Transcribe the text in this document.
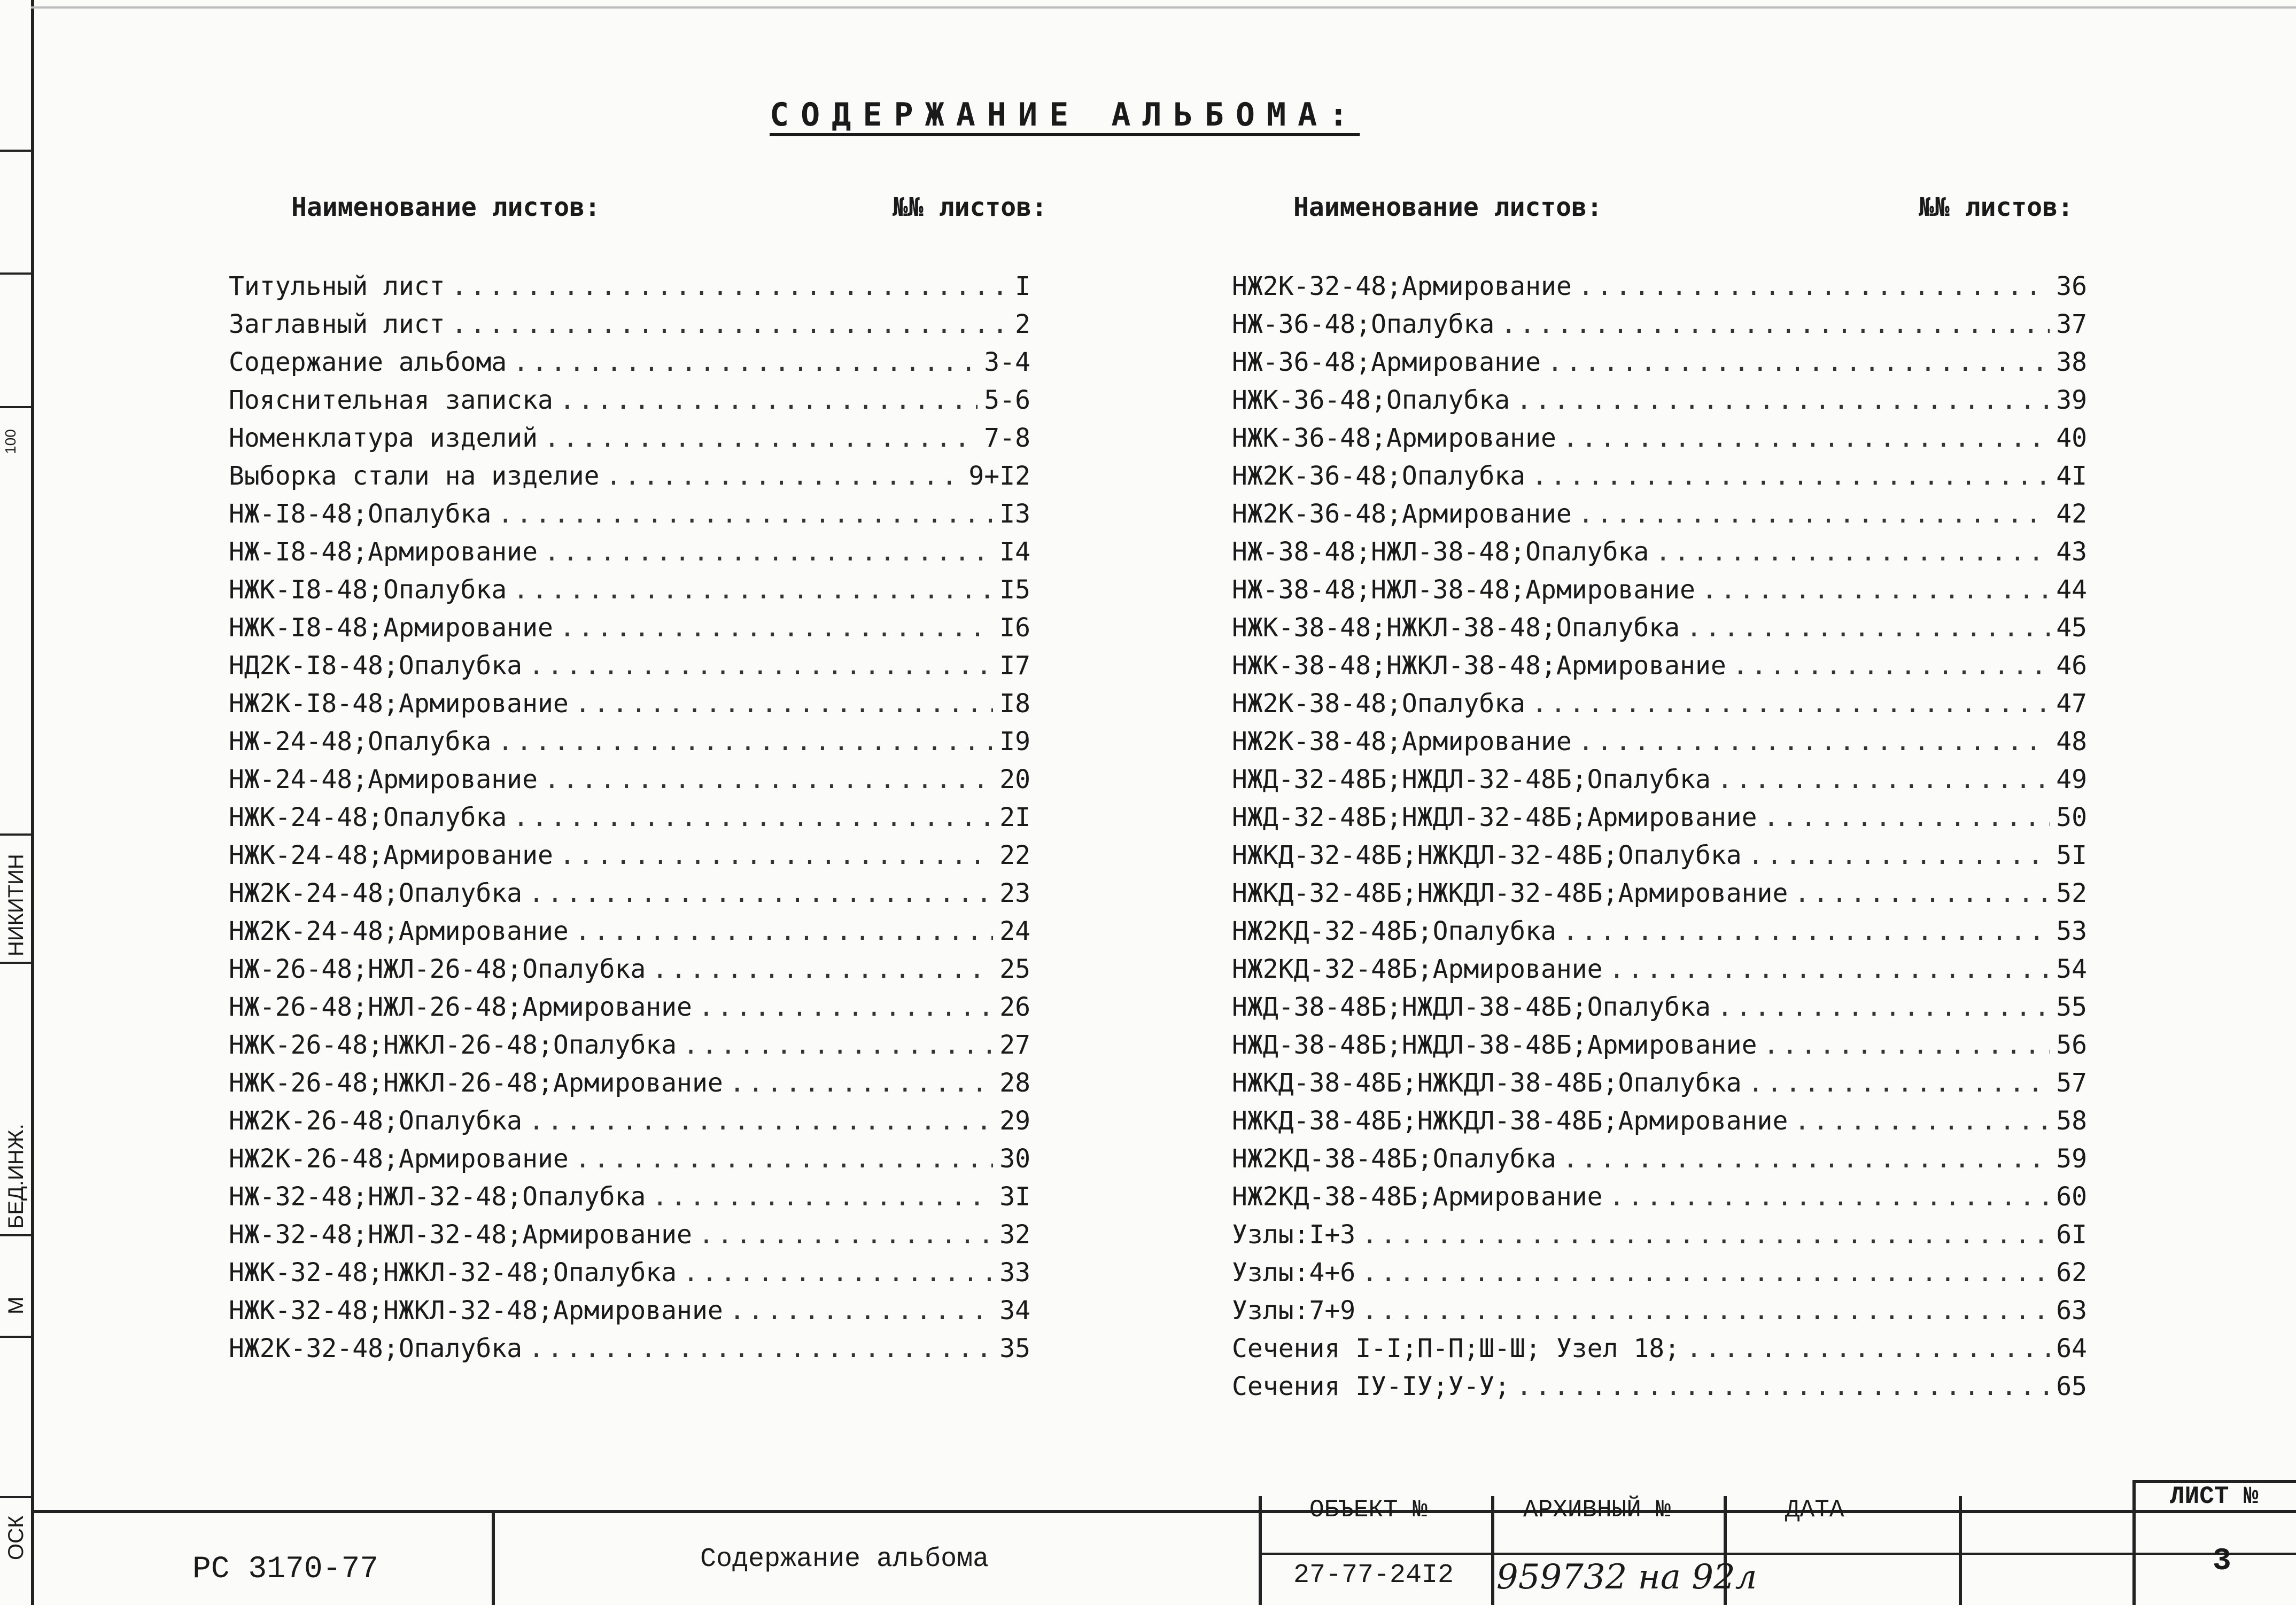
100
НИКИТИН
БЕД.ИНЖ.
М
ОСК
СОДЕРЖАНИЕ АЛЬБОМА:
Наименование листов:	№№ листов:	Наименование листов:	№№ листов:
Титульный лист .....	I
Заглавный лист .....	2
Содержание альбома .....	3-4
Пояснительная записка .....	5-6
Номенклатура изделий .....	7-8
Выборка стали на изделие .....	9+I2
НЖ-I8-48;Опалубка .....	I3
НЖ-I8-48;Армирование .....	I4
НЖК-I8-48;Опалубка .....	I5
НЖК-I8-48;Армирование .....	I6
НД2К-I8-48;Опалубка .....	I7
НЖ2К-I8-48;Армирование .....	I8
НЖ-24-48;Опалубка .....	I9
НЖ-24-48;Армирование .....	20
НЖК-24-48;Опалубка .....	2I
НЖК-24-48;Армирование .....	22
НЖ2К-24-48;Опалубка .....	23
НЖ2К-24-48;Армирование .....	24
НЖ-26-48;НЖЛ-26-48;Опалубка .....	25
НЖ-26-48;НЖЛ-26-48;Армирование .....	26
НЖК-26-48;НЖКЛ-26-48;Опалубка .....	27
НЖК-26-48;НЖКЛ-26-48;Армирование .....	28
НЖ2К-26-48;Опалубка .....	29
НЖ2К-26-48;Армирование .....	30
НЖ-32-48;НЖЛ-32-48;Опалубка .....	3I
НЖ-32-48;НЖЛ-32-48;Армирование .....	32
НЖК-32-48;НЖКЛ-32-48;Опалубка .....	33
НЖК-32-48;НЖКЛ-32-48;Армирование .....	34
НЖ2К-32-48;Опалубка .....	35
НЖ2К-32-48;Армирование .....	36
НЖ-36-48;Опалубка .....	37
НЖ-36-48;Армирование .....	38
НЖК-36-48;Опалубка .....	39
НЖК-36-48;Армирование .....	40
НЖ2К-36-48;Опалубка .....	4I
НЖ2К-36-48;Армирование .....	42
НЖ-38-48;НЖЛ-38-48;Опалубка .....	43
НЖ-38-48;НЖЛ-38-48;Армирование .....	44
НЖК-38-48;НЖКЛ-38-48;Опалубка .....	45
НЖК-38-48;НЖКЛ-38-48;Армирование .....	46
НЖ2К-38-48;Опалубка .....	47
НЖ2К-38-48;Армирование .....	48
НЖД-32-48Б;НЖДЛ-32-48Б;Опалубка .....	49
НЖД-32-48Б;НЖДЛ-32-48Б;Армирование .....	50
НЖКД-32-48Б;НЖКДЛ-32-48Б;Опалубка .....	5I
НЖКД-32-48Б;НЖКДЛ-32-48Б;Армирование .....	52
НЖ2КД-32-48Б;Опалубка .....	53
НЖ2КД-32-48Б;Армирование .....	54
НЖД-38-48Б;НЖДЛ-38-48Б;Опалубка .....	55
НЖД-38-48Б;НЖДЛ-38-48Б;Армирование .....	56
НЖКД-38-48Б;НЖКДЛ-38-48Б;Опалубка .....	57
НЖКД-38-48Б;НЖКДЛ-38-48Б;Армирование .....	58
НЖ2КД-38-48Б;Опалубка .....	59
НЖ2КД-38-48Б;Армирование .....	60
Узлы:I+3 .....	6I
Узлы:4+6 .....	62
Узлы:7+9 .....	63
Сечения I-I;П-П;Ш-Ш; Узел 18; .....	64
Сечения IУ-IУ;У-У; .....	65
РС 3170-77	Содержание альбома
ОБЪЕКТ №
27-77-24I2
АРХИВНЫЙ №
959732 на 92л
ДАТА	ЛИСТ №
3
